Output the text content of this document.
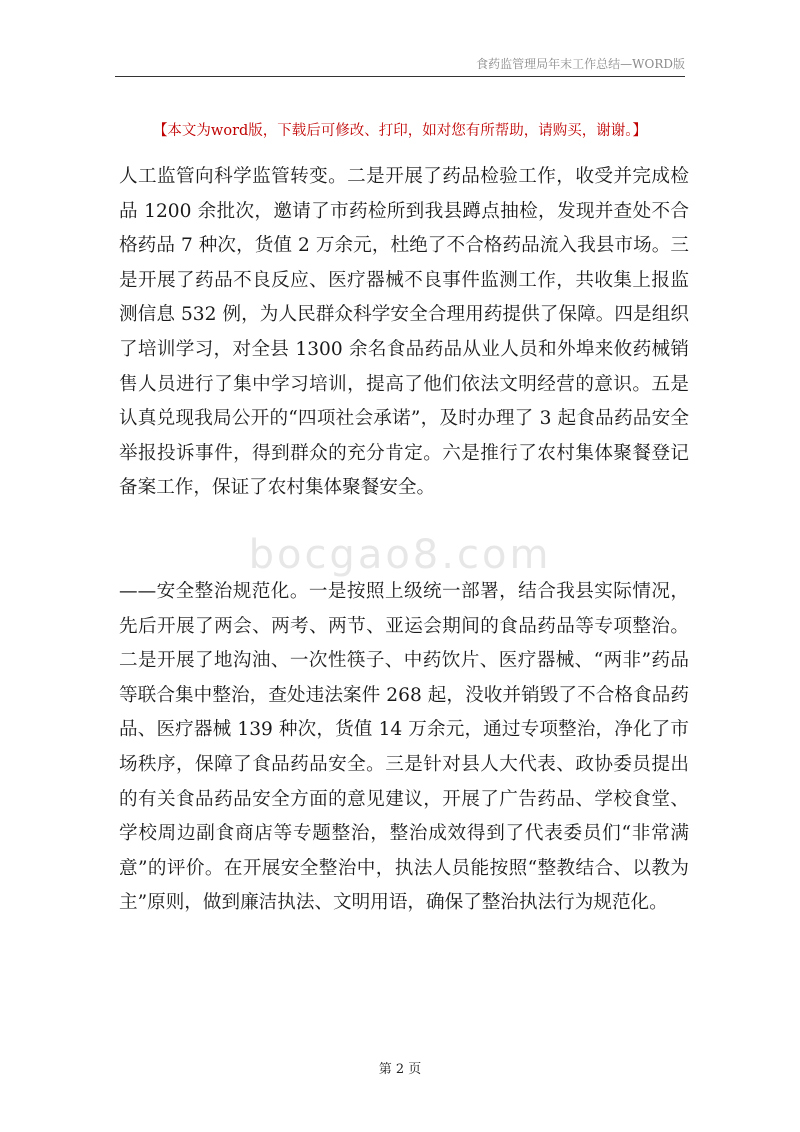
食药监管理局年末工作总结—WORD版
【本文为word版，下载后可修改、打印，如对您有所帮助，请购买，谢谢。】

人工监管向科学监管转变。二是开展了药品检验工作，收受并完成检品 1200 余批次，邀请了市药检所到我县蹲点抽检，发现并查处不合格药品 7 种次，货值 2 万余元，杜绝了不合格药品流入我县市场。三是开展了药品不良反应、医疗器械不良事件监测工作，共收集上报监测信息 532 例，为人民群众科学安全合理用药提供了保障。四是组织了培训学习，对全县 1300 余名食品药品从业人员和外埠来攸药械销售人员进行了集中学习培训，提高了他们依法文明经营的意识。五是认真兑现我局公开的“四项社会承诺”，及时办理了 3 起食品药品安全举报投诉事件，得到群众的充分肯定。六是推行了农村集体聚餐登记备案工作，保证了农村集体聚餐安全。

——安全整治规范化。一是按照上级统一部署，结合我县实际情况，先后开展了两会、两考、两节、亚运会期间的食品药品等专项整治。二是开展了地沟油、一次性筷子、中药饮片、医疗器械、“两非”药品等联合集中整治，查处违法案件 268 起，没收并销毁了不合格食品药品、医疗器械 139 种次，货值 14 万余元，通过专项整治，净化了市场秩序，保障了食品药品安全。三是针对县人大代表、政协委员提出的有关食品药品安全方面的意见建议，开展了广告药品、学校食堂、学校周边副食商店等专题整治，整治成效得到了代表委员们“非常满意”的评价。在开展安全整治中，执法人员能按照“整教结合、以教为主”原则，做到廉洁执法、文明用语，确保了整治执法行为规范化。

bocgao8.com
第 2 页
